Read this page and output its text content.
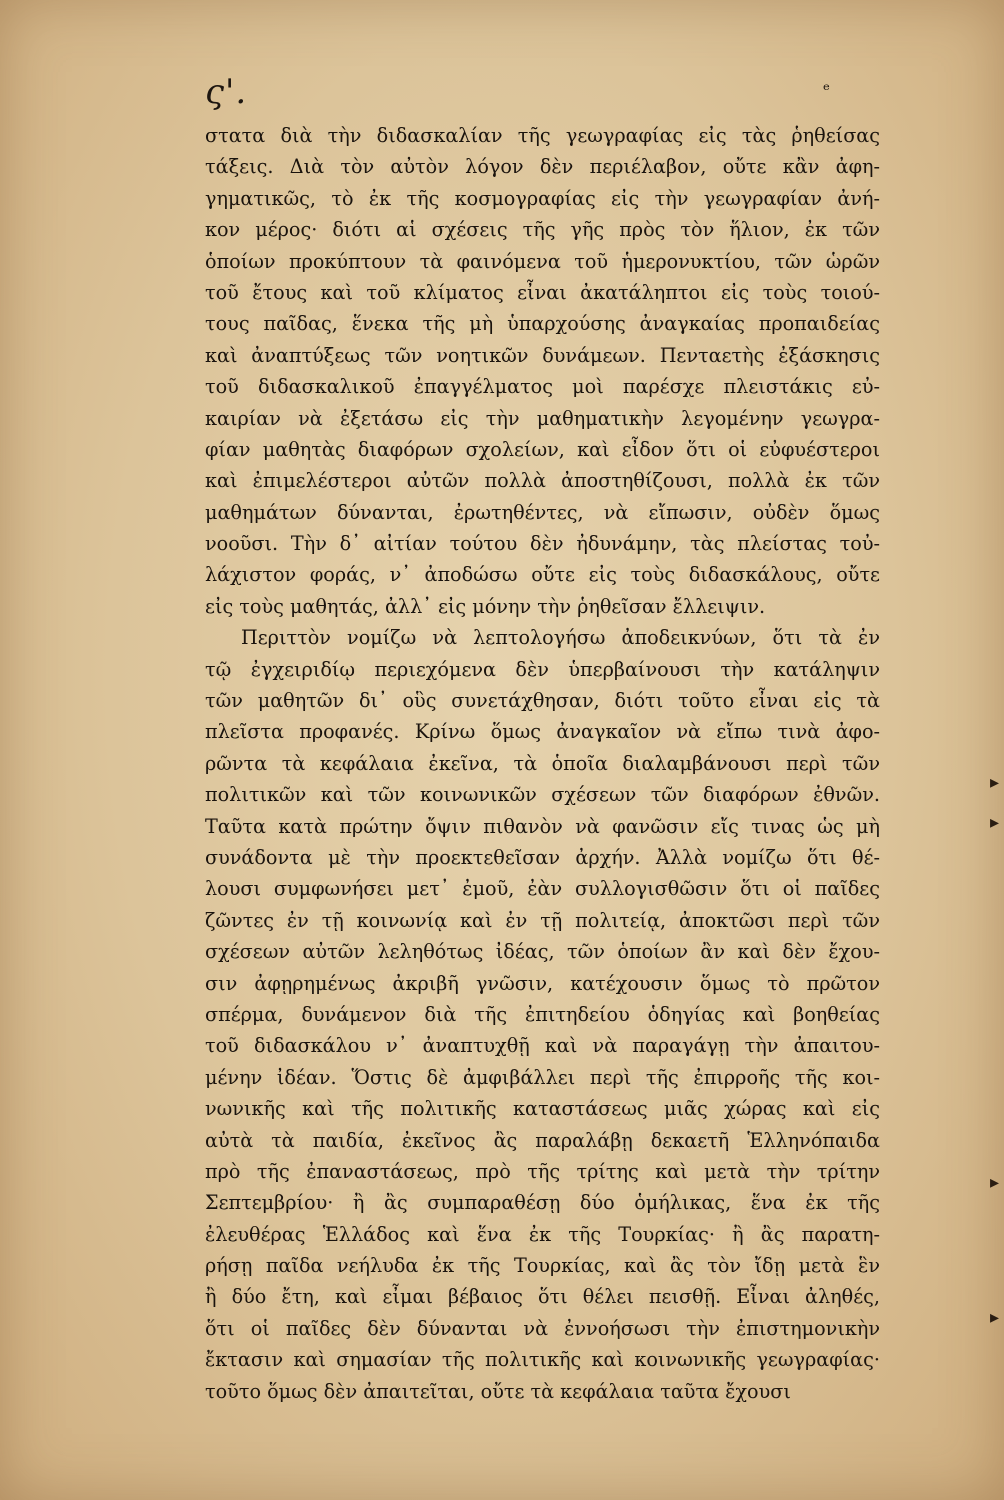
ς'.	ᵉ
στατα διὰ τὴν διδασκαλίαν τῆς γεωγραφίας εἰς τὰς ῥηθείσας
τάξεις. Διὰ τὸν αὐτὸν λόγον δὲν περιέλαβον, οὔτε κἂν ἀφη-
γηματικῶς, τὸ ἐκ τῆς κοσμογραφίας εἰς τὴν γεωγραφίαν ἀνή-
κον μέρος· διότι αἱ σχέσεις τῆς γῆς πρὸς τὸν ἥλιον, ἐκ τῶν
ὁποίων προκύπτουν τὰ φαινόμενα τοῦ ἡμερονυκτίου, τῶν ὡρῶν
τοῦ ἔτους καὶ τοῦ κλίματος εἶναι ἀκατάληπτοι εἰς τοὺς τοιού-
τους παῖδας, ἕνεκα τῆς μὴ ὑπαρχούσης ἀναγκαίας προπαιδείας
καὶ ἀναπτύξεως τῶν νοητικῶν δυνάμεων. Πενταετὴς ἐξάσκησις
τοῦ διδασκαλικοῦ ἐπαγγέλματος μοὶ παρέσχε πλειστάκις εὐ-
καιρίαν νὰ ἐξετάσω εἰς τὴν μαθηματικὴν λεγομένην γεωγρα-
φίαν μαθητὰς διαφόρων σχολείων, καὶ εἶδον ὅτι οἱ εὐφυέστεροι
καὶ ἐπιμελέστεροι αὐτῶν πολλὰ ἀποστηθίζουσι, πολλὰ ἐκ τῶν
μαθημάτων δύνανται, ἐρωτηθέντες, νὰ εἴπωσιν, οὐδὲν ὅμως
νοοῦσι. Τὴν δ᾽ αἰτίαν τούτου δὲν ἠδυνάμην, τὰς πλείστας τοὐ-
λάχιστον φοράς, ν᾽ ἀποδώσω οὔτε εἰς τοὺς διδασκάλους, οὔτε
εἰς τοὺς μαθητάς, ἀλλ᾽ εἰς μόνην τὴν ῥηθεῖσαν ἔλλειψιν.
Περιττὸν νομίζω νὰ λεπτολογήσω ἀποδεικνύων, ὅτι τὰ ἐν
τῷ ἐγχειριδίῳ περιεχόμενα δὲν ὑπερβαίνουσι τὴν κατάληψιν
τῶν μαθητῶν δι᾽ οὓς συνετάχθησαν, διότι τοῦτο εἶναι εἰς τὰ
πλεῖστα προφανές. Κρίνω ὅμως ἀναγκαῖον νὰ εἴπω τινὰ ἀφο-
ρῶντα τὰ κεφάλαια ἐκεῖνα, τὰ ὁποῖα διαλαμβάνουσι περὶ τῶν
πολιτικῶν καὶ τῶν κοινωνικῶν σχέσεων τῶν διαφόρων ἐθνῶν.
Ταῦτα κατὰ πρώτην ὄψιν πιθανὸν νὰ φανῶσιν εἴς τινας ὡς μὴ
συνάδοντα μὲ τὴν προεκτεθεῖσαν ἀρχήν. Ἀλλὰ νομίζω ὅτι θέ-
λουσι συμφωνήσει μετ᾽ ἐμοῦ, ἐὰν συλλογισθῶσιν ὅτι οἱ παῖδες
ζῶντες ἐν τῇ κοινωνίᾳ καὶ ἐν τῇ πολιτείᾳ, ἀποκτῶσι περὶ τῶν
σχέσεων αὐτῶν λεληθότως ἰδέας, τῶν ὁποίων ἂν καὶ δὲν ἔχου-
σιν ἀφῃρημένως ἀκριβῆ γνῶσιν, κατέχουσιν ὅμως τὸ πρῶτον
σπέρμα, δυνάμενον διὰ τῆς ἐπιτηδείου ὁδηγίας καὶ βοηθείας
τοῦ διδασκάλου ν᾽ ἀναπτυχθῇ καὶ νὰ παραγάγῃ τὴν ἀπαιτου-
μένην ἰδέαν. Ὅστις δὲ ἀμφιβάλλει περὶ τῆς ἐπιρροῆς τῆς κοι-
νωνικῆς καὶ τῆς πολιτικῆς καταστάσεως μιᾶς χώρας καὶ εἰς
αὐτὰ τὰ παιδία, ἐκεῖνος ἂς παραλάβῃ δεκαετῆ Ἑλληνόπαιδα
πρὸ τῆς ἐπαναστάσεως, πρὸ τῆς τρίτης καὶ μετὰ τὴν τρίτην
Σεπτεμβρίου· ἢ ἂς συμπαραθέσῃ δύο ὁμήλικας, ἕνα ἐκ τῆς
ἐλευθέρας Ἑλλάδος καὶ ἕνα ἐκ τῆς Τουρκίας· ἢ ἂς παρατη-
ρήσῃ παῖδα νεήλυδα ἐκ τῆς Τουρκίας, καὶ ἂς τὸν ἴδῃ μετὰ ἓν
ἢ δύο ἔτη, καὶ εἶμαι βέβαιος ὅτι θέλει πεισθῇ. Εἶναι ἀληθές,
ὅτι οἱ παῖδες δὲν δύνανται νὰ ἐννοήσωσι τὴν ἐπιστημονικὴν
ἔκτασιν καὶ σημασίαν τῆς πολιτικῆς καὶ κοινωνικῆς γεωγραφίας·
τοῦτο ὅμως δὲν ἀπαιτεῖται, οὔτε τὰ κεφάλαια ταῦτα ἔχουσι
▸
▸
▸
▸
